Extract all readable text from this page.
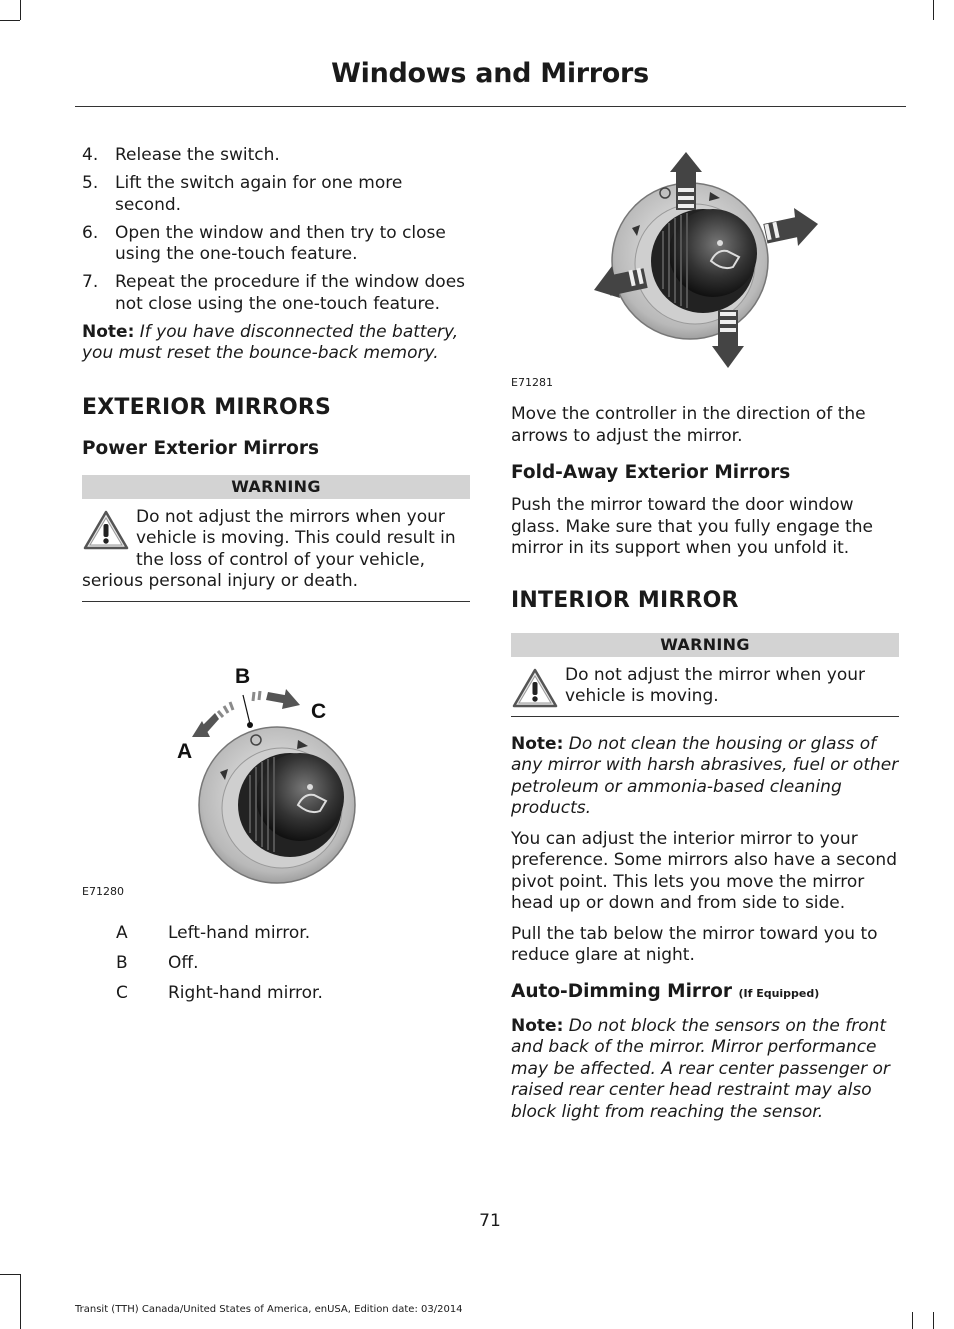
Windows and Mirrors
4. Release the switch.
5. Lift the switch again for one more second.
6. Open the window and then try to close using the one-touch feature.
7. Repeat the procedure if the window does not close using the one-touch feature.
Note: If you have disconnected the battery, you must reset the bounce-back memory.
EXTERIOR MIRRORS
Power Exterior Mirrors
WARNING
Do not adjust the mirrors when your vehicle is moving. This could result in the loss of control of your vehicle, serious personal injury or death.
B
C
A
E71280
A	Left-hand mirror.
B	Off.
C	Right-hand mirror.
E71281
Move the controller in the direction of the arrows to adjust the mirror.
Fold-Away Exterior Mirrors
Push the mirror toward the door window glass. Make sure that you fully engage the mirror in its support when you unfold it.
INTERIOR MIRROR
WARNING
Do not adjust the mirror when your vehicle is moving.
Note: Do not clean the housing or glass of any mirror with harsh abrasives, fuel or other petroleum or ammonia-based cleaning products.
You can adjust the interior mirror to your preference. Some mirrors also have a second pivot point. This lets you move the mirror head up or down and from side to side.
Pull the tab below the mirror toward you to reduce glare at night.
Auto-Dimming Mirror (If Equipped)
Note: Do not block the sensors on the front and back of the mirror. Mirror performance may be affected. A rear center passenger or raised rear center head restraint may also block light from reaching the sensor.
71
Transit (TTH) Canada/United States of America, enUSA, Edition date: 03/2014
